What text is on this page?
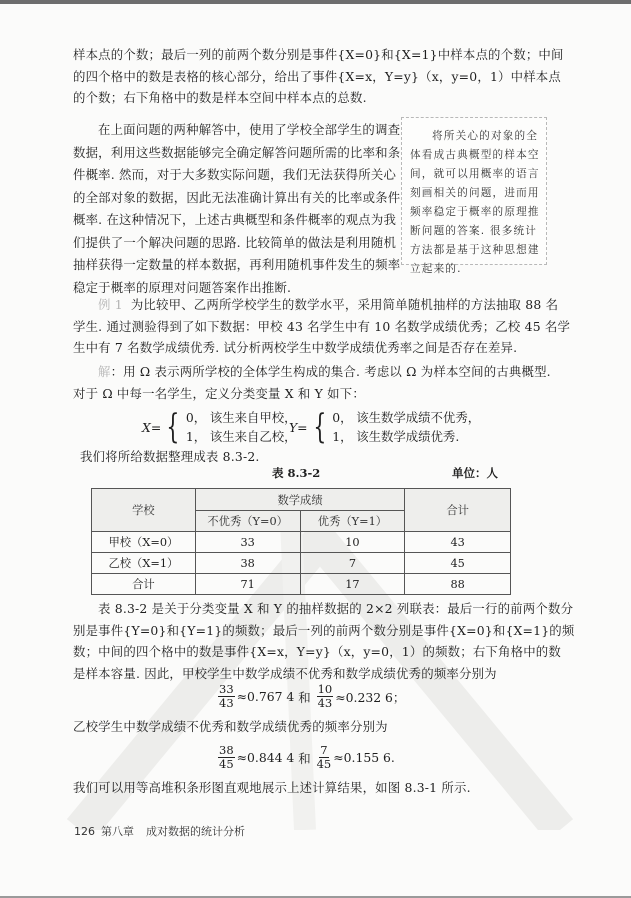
样本点的个数；最后一列的前两个数分别是事件{X=0}和{X=1}中样本点的个数；中间
的四个格中的数是表格的核心部分，给出了事件{X=x，Y=y}（x，y=0，1）中样本点
的个数；右下角格中的数是样本空间中样本点的总数.
在上面问题的两种解答中，使用了学校全部学生的调查
数据，利用这些数据能够完全确定解答问题所需的比率和条
件概率. 然而，对于大多数实际问题，我们无法获得所关心
的全部对象的数据，因此无法准确计算出有关的比率或条件
概率. 在这种情况下，上述古典概型和条件概率的观点为我
们提供了一个解决问题的思路. 比较简单的做法是利用随机
抽样获得一定数量的样本数据，再利用随机事件发生的频率
稳定于概率的原理对问题答案作出推断.
将所关心的对象的全体看成古典概型的样本空间，就可以用概率的语言刻画相关的问题，进而用频率稳定于概率的原理推断问题的答案. 很多统计方法都是基于这种思想建立起来的.
例 1 为比较甲、乙两所学校学生的数学水平，采用简单随机抽样的方法抽取 88 名
学生. 通过测验得到了如下数据：甲校 43 名学生中有 10 名数学成绩优秀；乙校 45 名学
生中有 7 名数学成绩优秀. 试分析两校学生中数学成绩优秀率之间是否存在差异.
解：用 Ω 表示两所学校的全体学生构成的集合. 考虑以 Ω 为样本空间的古典概型.
对于 Ω 中每一名学生，定义分类变量 X 和 Y 如下：
X= { 0， 该生来自甲校，
1， 该生来自乙校，
Y= { 0， 该生数学成绩不优秀，
1， 该生数学成绩优秀.
我们将所给数据整理成表 8.3-2.
表 8.3-2	单位：人
学校	数学成绩		合计
	不优秀（Y=0）	优秀（Y=1）	
甲校（X=0）	33	10	43
乙校（X=1）	38	7	45
合计	71	17	88
表 8.3-2 是关于分类变量 X 和 Y 的抽样数据的 2×2 列联表：最后一行的前两个数分
别是事件{Y=0}和{Y=1}的频数；最后一列的前两个数分别是事件{X=0}和{X=1}的频
数；中间的四个格中的数是事件{X=x，Y=y}（x，y=0，1）的频数；右下角格中的数
是样本容量. 因此，甲校学生中数学成绩不优秀和数学成绩优秀的频率分别为
$\frac{33}{43} \approx 0.767$ 4 和 $\frac{10}{43} \approx 0.232$ 6；
乙校学生中数学成绩不优秀和数学成绩优秀的频率分别为
$\frac{38}{45} \approx 0.844$ 4 和 $\frac{7}{45} \approx 0.155$ 6.
我们可以用等高堆积条形图直观地展示上述计算结果，如图 8.3-1 所示.
126 第八章 成对数据的统计分析
